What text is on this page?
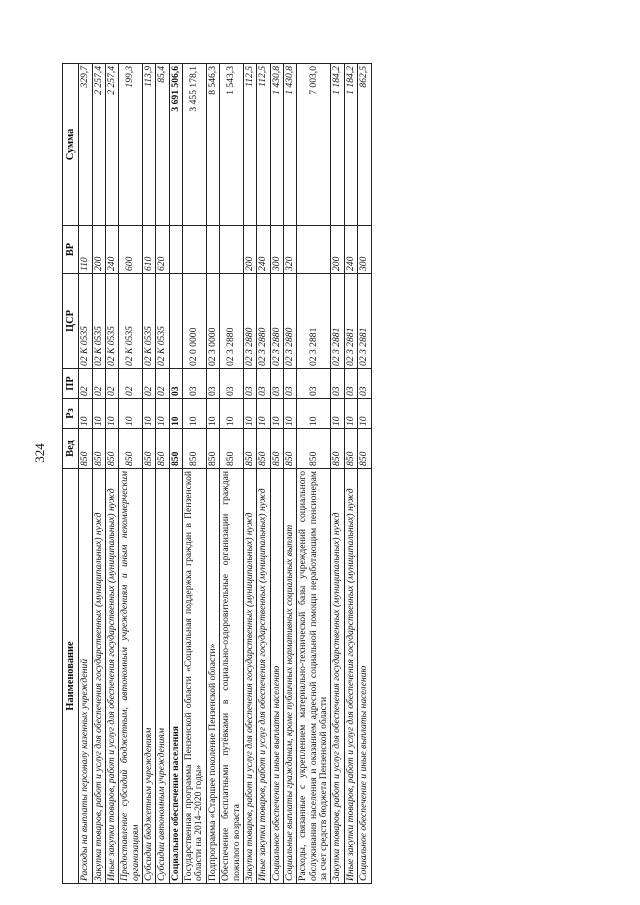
324
Наименование	Вед	Рз	ПР	ЦСР	ВР	Сумма
Расходы на выплаты персоналу казенных учреждений	850	10	02	02 К 0535	110	329,7
Закупка товаров, работ и услуг для обеспечения государственных (муниципальных) нужд	850	10	02	02 К 0535	200	2 257,4
Иные закупки товаров, работ и услуг для обеспечения государственных (муниципальных) нужд	850	10	02	02 К 0535	240	2 257,4
Предоставление субсидий бюджетным, автономным учреждениям и иным некоммерческим организациям	850	10	02	02 К 0535	600	199,3
Субсидии бюджетным учреждениям	850	10	02	02 К 0535	610	113,9
Субсидии автономным учреждениям	850	10	02	02 К 0535	620	85,4
Социальное обеспечение населения	850	10	03			3 691 506,6
Государственная программа Пензенской области «Социальная поддержка граждан в Пензенской области на 2014–2020 годы»	850	10	03	02 0 0000		3 455 178,1
Подпрограмма «Старшее поколение Пензенской области»	850	10	03	02 3 0000		8 546,3
Обеспечение бесплатными путёвками в социально-оздоровительные организации граждан пожилого возраста	850	10	03	02 3 2880		1 543,3
Закупка товаров, работ и услуг для обеспечения государственных (муниципальных) нужд	850	10	03	02 3 2880	200	112,5
Иные закупки товаров, работ и услуг для обеспечения государственных (муниципальных) нужд	850	10	03	02 3 2880	240	112,5
Социальное обеспечение и иные выплаты населению	850	10	03	02 3 2880	300	1 430,8
Социальные выплаты гражданам, кроме публичных нормативных социальных выплат	850	10	03	02 3 2880	320	1 430,8
Расходы, связанные с укреплением материально-технической базы учреждений социального обслуживания населения и оказанием адресной социальной помощи неработающим пенсионерам за счет средств бюджета Пензенской области	850	10	03	02 3 2881		7 003,0
Закупка товаров, работ и услуг для обеспечения государственных (муниципальных) нужд	850	10	03	02 3 2881	200	1 184,2
Иные закупки товаров, работ и услуг для обеспечения государственных (муниципальных) нужд	850	10	03	02 3 2881	240	1 184,2
Социальное обеспечение и иные выплаты населению	850	10	03	02 3 2881	300	862,5
